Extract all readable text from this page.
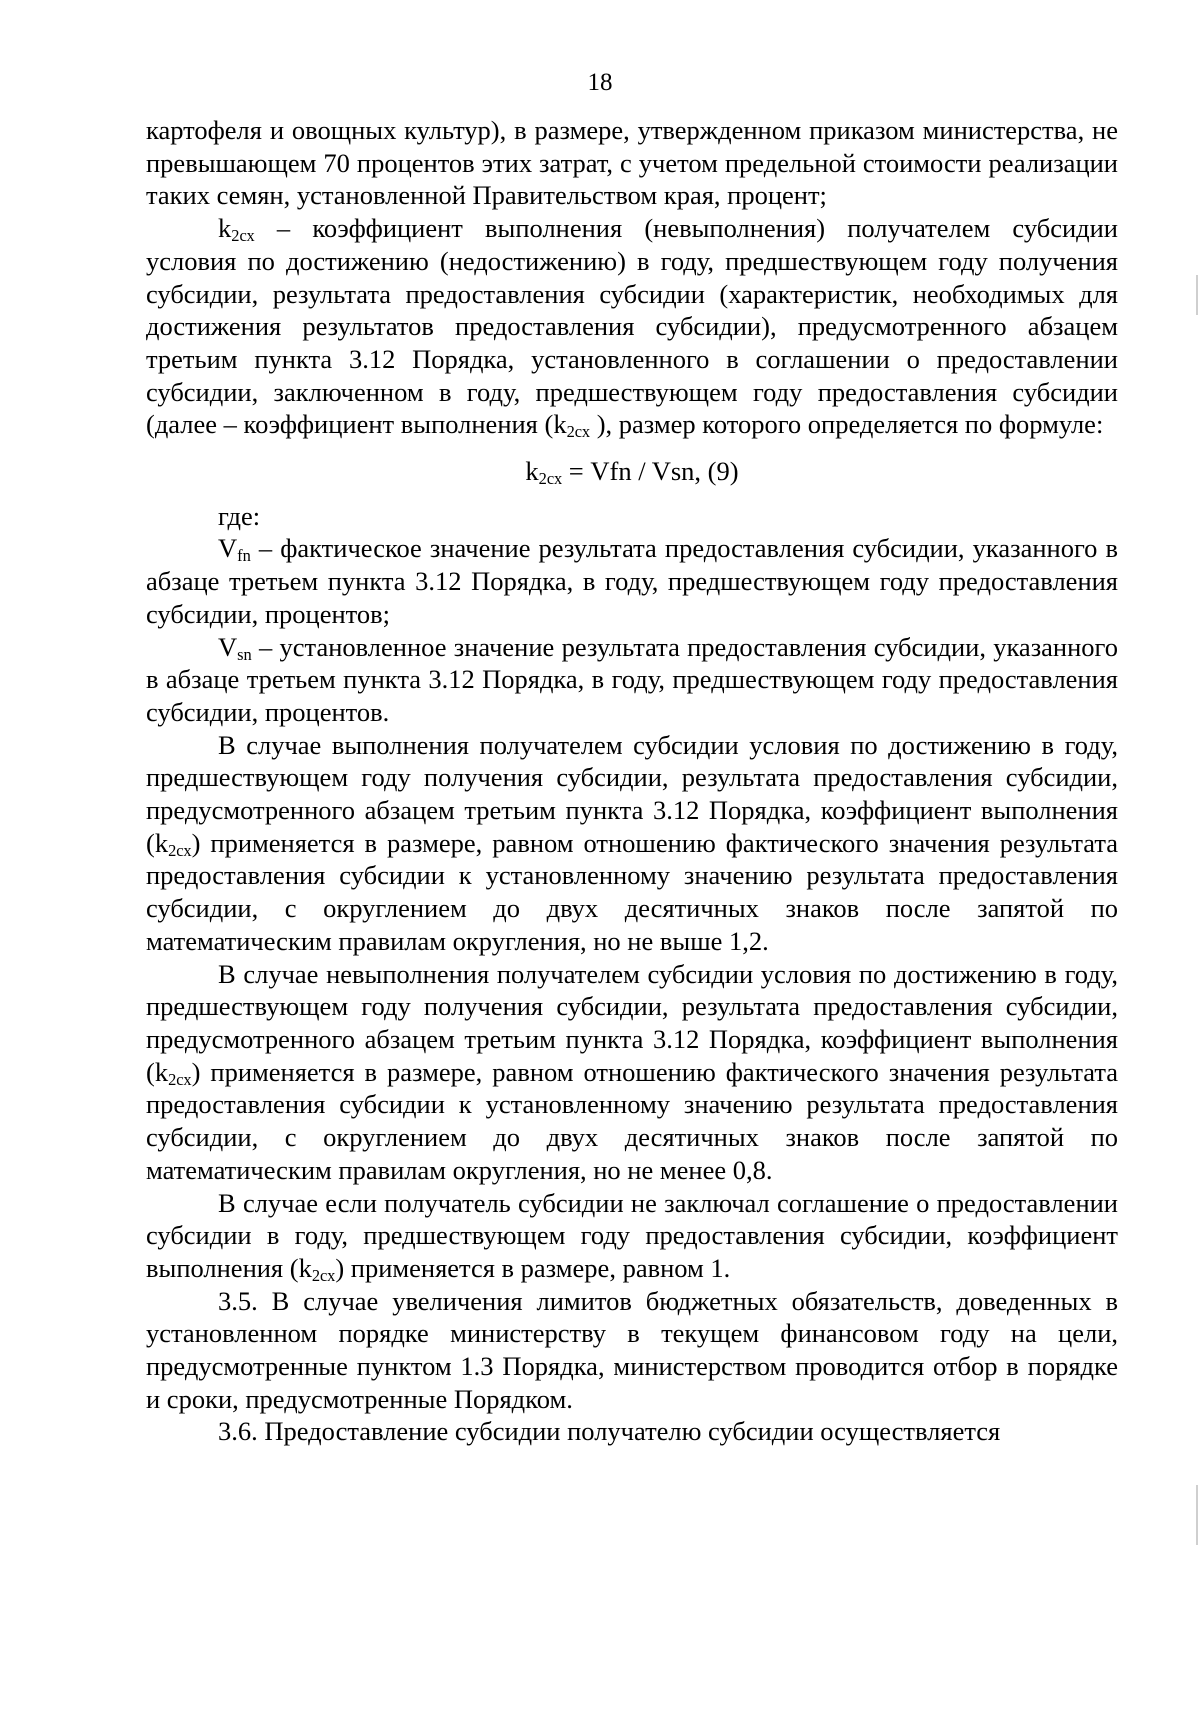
18

картофеля и овощных культур), в размере, утвержденном приказом министерства, не превышающем 70 процентов этих затрат, с учетом предельной стоимости реализации таких семян, установленной Правительством края, процент;

$k_{2сх}$ – коэффициент выполнения (невыполнения) получателем субсидии условия по достижению (недостижению) в году, предшествующем году получения субсидии, результата предоставления субсидии (характеристик, необходимых для достижения результатов предоставления субсидии), предусмотренного абзацем третьим пункта 3.12 Порядка, установленного в соглашении о предоставлении субсидии, заключенном в году, предшествующем году предоставления субсидии (далее – коэффициент выполнения ($k_{2сх}$ ), размер которого определяется по формуле:

$k_{2сх}$ = Vfn / Vsn, (9)

где:

$V_{fn}$ – фактическое значение результата предоставления субсидии, указанного в абзаце третьем пункта 3.12 Порядка, в году, предшествующем году предоставления субсидии, процентов;

$V_{sn}$ – установленное значение результата предоставления субсидии, указанного в абзаце третьем пункта 3.12 Порядка, в году, предшествующем году предоставления субсидии, процентов.

В случае выполнения получателем субсидии условия по достижению в году, предшествующем году получения субсидии, результата предоставления субсидии, предусмотренного абзацем третьим пункта 3.12 Порядка, коэффициент выполнения $(k_{2сх})$ применяется в размере, равном отношению фактического значения результата предоставления субсидии к установленному значению результата предоставления субсидии, с округлением до двух десятичных знаков после запятой по математическим правилам округления, но не выше 1,2.

В случае невыполнения получателем субсидии условия по достижению в году, предшествующем году получения субсидии, результата предоставления субсидии, предусмотренного абзацем третьим пункта 3.12 Порядка, коэффициент выполнения $(k_{2сх})$ применяется в размере, равном отношению фактического значения результата предоставления субсидии к установленному значению результата предоставления субсидии, с округлением до двух десятичных знаков после запятой по математическим правилам округления, но не менее 0,8.

В случае если получатель субсидии не заключал соглашение о предоставлении субсидии в году, предшествующем году предоставления субсидии, коэффициент выполнения $(k_{2сх})$ применяется в размере, равном 1.

3.5. В случае увеличения лимитов бюджетных обязательств, доведенных в установленном порядке министерству в текущем финансовом году на цели, предусмотренные пунктом 1.3 Порядка, министерством проводится отбор в порядке и сроки, предусмотренные Порядком.

3.6. Предоставление субсидии получателю субсидии осуществляется
